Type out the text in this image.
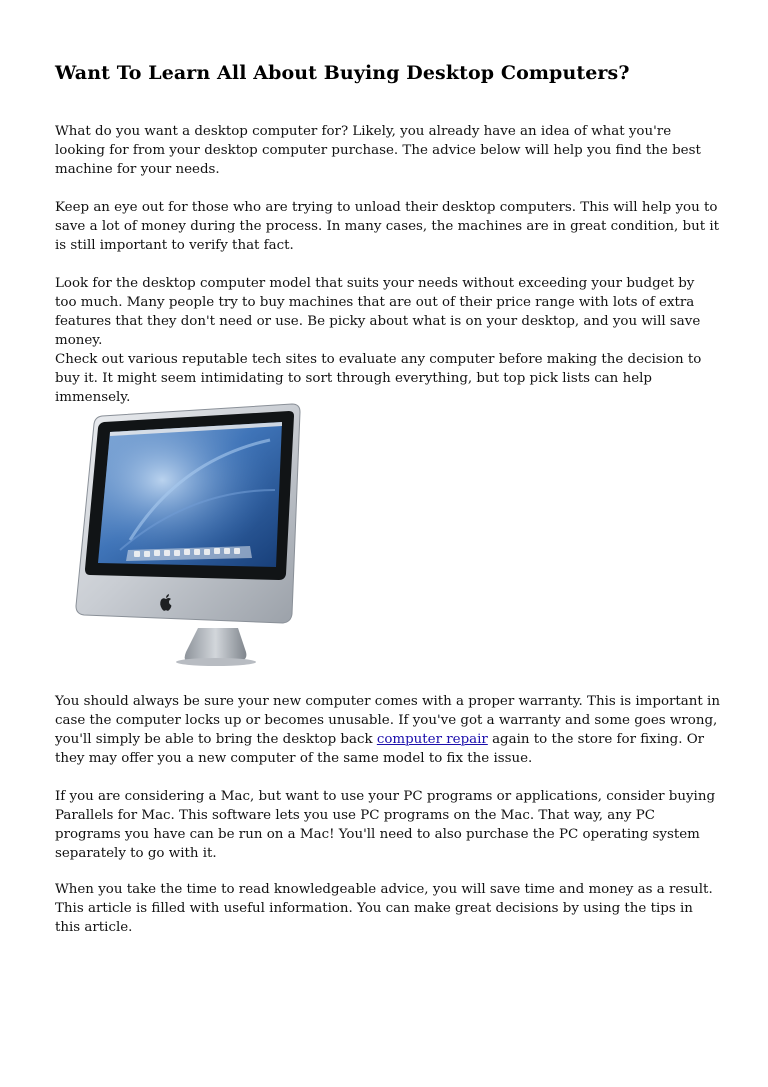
Want To Learn All About Buying Desktop Computers?

What do you want a desktop computer for? Likely, you already have an idea of what you're looking for from your desktop computer purchase. The advice below will help you find the best machine for your needs.

Keep an eye out for those who are trying to unload their desktop computers. This will help you to save a lot of money during the process. In many cases, the machines are in great condition, but it is still important to verify that fact.

Look for the desktop computer model that suits your needs without exceeding your budget by too much. Many people try to buy machines that are out of their price range with lots of extra features that they don't need or use. Be picky about what is on your desktop, and you will save money.

Check out various reputable tech sites to evaluate any computer before making the decision to buy it. It might seem intimidating to sort through everything, but top pick lists can help immensely.

You should always be sure your new computer comes with a proper warranty. This is important in case the computer locks up or becomes unusable. If you've got a warranty and some goes wrong, you'll simply be able to bring the desktop back computer repair again to the store for fixing. Or they may offer you a new computer of the same model to fix the issue.

If you are considering a Mac, but want to use your PC programs or applications, consider buying Parallels for Mac. This software lets you use PC programs on the Mac. That way, any PC programs you have can be run on a Mac! You'll need to also purchase the PC operating system separately to go with it.

When you take the time to read knowledgeable advice, you will save time and money as a result. This article is filled with useful information. You can make great decisions by using the tips in this article.
